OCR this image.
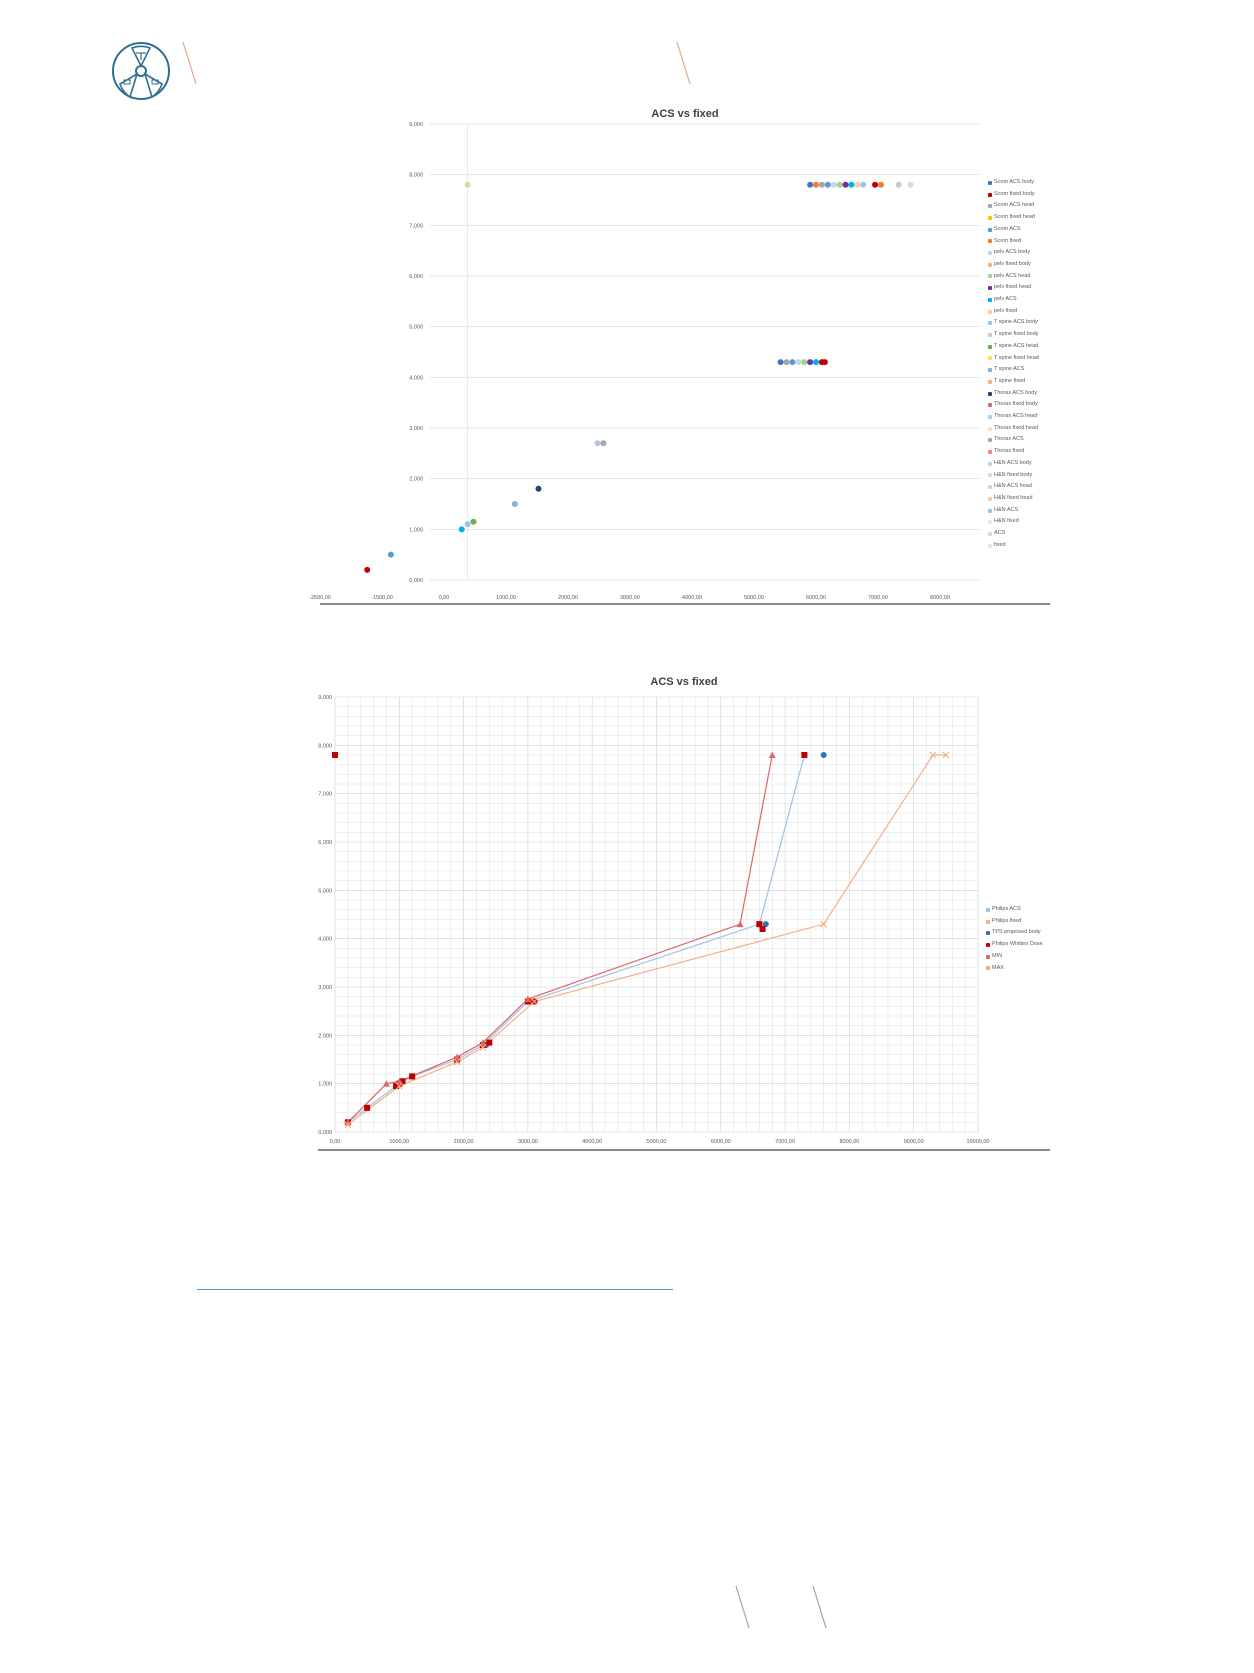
ACS vs fixed
0,000
1,000
2,000
3,000
4,000
5,000
6,000
7,000
8,000
9,000
-2500,00	-1500,00	0,00	1000,00	2000,00	3000,00	4000,00	5000,00	6000,00	7000,00	8000,00
Scom ACS body
Scom fixed body
Scom ACS head
Scom fixed head
Scom ACS
Scom fixed
pelv ACS body
pelv fixed body
pelv ACS head
pelv fixed head
pelv ACS
pelv fixed
T spine ACS body
T spine fixed body
T spine ACS head
T spine fixed head
T spine ACS
T spine fixed
Thorax ACS body
Thorax fixed body
Thorax ACS head
Thorax fixed head
Thorax ACS
Thorax fixed
H&N ACS body
H&N fixed body
H&N ACS head
H&N fixed head
H&N ACS
H&N fixed
ACS
fixed
ACS vs fixed
0,000
1,000
2,000
3,000
4,000
5,000
6,000
7,000
8,000
9,000
0,00	1000,00	2000,00	3000,00	4000,00	5000,00	6000,00	7000,00	8000,00	9000,00	10000,00
Philips ACS
Philips fixed
TPS proposed body
Philips Whitten Dose
MIN
MAX
